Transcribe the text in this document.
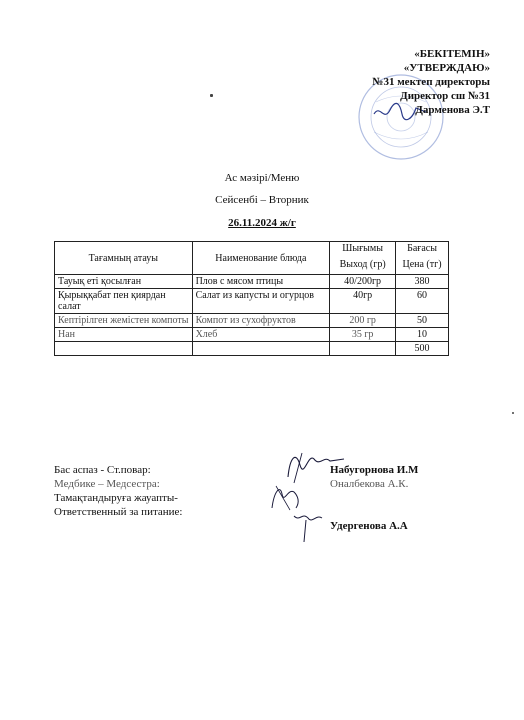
«БЕКІТЕМІН»
«УТВЕРЖДАЮ»
№31 мектеп директоры
Директор сш №31
Дарменова Э.Т
Ас мәзірі/Меню
Сейсенбі – Вторник
26.11.2024 ж/г
Тағамның атауы	Наименование блюда	Шығымы	Бағасы
		Выход (гр)	Цена (тг)
Тауық еті қосылған	Плов с мясом птицы	40/200гр	380
Қырыққабат пен қиярдан салат	Салат из капусты и огурцов	40гр	60
Кептірілген жемістен компоты	Компот из сухофруктов	200 гр	50
Нан	Хлеб	35 гр	10
			500
Бас аспаз - Ст.повар:
Медбике – Медсестра:
Тамақтандыруға жауапты-
Ответственный за питание:
Набугорнова И.М
Оналбекова А.К.
Удергенова А.А
